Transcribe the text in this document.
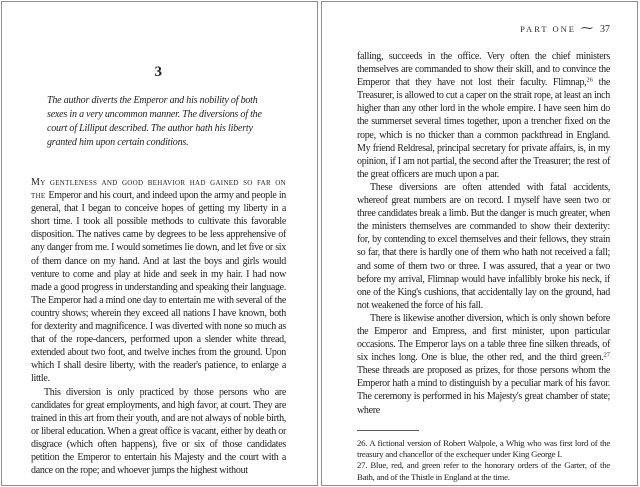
3
The author diverts the Emperor and his nobility of both sexes in a very uncommon manner. The diversions of the court of Lilliput described. The author hath his liberty granted him upon certain conditions.

My gentleness and good behavior had gained so far on the Emperor and his court, and indeed upon the army and people in general, that I began to conceive hopes of getting my liberty in a short time. I took all possible methods to cultivate this favorable disposition. The natives came by degrees to be less apprehensive of any danger from me. I would sometimes lie down, and let five or six of them dance on my hand. And at last the boys and girls would venture to come and play at hide and seek in my hair. I had now made a good progress in understanding and speaking their language. The Emperor had a mind one day to entertain me with several of the country shows; wherein they exceed all nations I have known, both for dexterity and magnificence. I was diverted with none so much as that of the rope-dancers, performed upon a slender white thread, extended about two foot, and twelve inches from the ground. Upon which I shall desire liberty, with the reader's patience, to enlarge a little.

This diversion is only practiced by those persons who are candidates for great employments, and high favor, at court. They are trained in this art from their youth, and are not always of noble birth, or liberal education. When a great office is vacant, either by death or disgrace (which often happens), five or six of those candidates petition the Emperor to entertain his Majesty and the court with a dance on the rope; and whoever jumps the highest without

PART ONE ⁓ 37

falling, succeeds in the office. Very often the chief ministers themselves are commanded to show their skill, and to convince the Emperor that they have not lost their faculty. Flimnap,$^{26}$ the Treasurer, is allowed to cut a caper on the strait rope, at least an inch higher than any other lord in the whole empire. I have seen him do the summerset several times together, upon a trencher fixed on the rope, which is no thicker than a common packthread in England. My friend Reldresal, principal secretary for private affairs, is, in my opinion, if I am not partial, the second after the Treasurer; the rest of the great officers are much upon a par.

These diversions are often attended with fatal accidents, whereof great numbers are on record. I myself have seen two or three candidates break a limb. But the danger is much greater, when the ministers themselves are commanded to show their dexterity: for, by contending to excel themselves and their fellows, they strain so far, that there is hardly one of them who hath not received a fall; and some of them two or three. I was assured, that a year or two before my arrival, Flimnap would have infallibly broke his neck, if one of the King's cushions, that accidentally lay on the ground, had not weakened the force of his fall.

There is likewise another diversion, which is only shown before the Emperor and Empress, and first minister, upon particular occasions. The Emperor lays on a table three fine silken threads, of six inches long. One is blue, the other red, and the third green.$^{27}$ These threads are proposed as prizes, for those persons whom the Emperor hath a mind to distinguish by a peculiar mark of his favor. The ceremony is performed in his Majesty's great chamber of state; where

26. A fictional version of Robert Walpole, a Whig who was first lord of the treasury and chancellor of the exchequer under King George I.

27. Blue, red, and green refer to the honorary orders of the Garter, of the Bath, and of the Thistle in England at the time.
